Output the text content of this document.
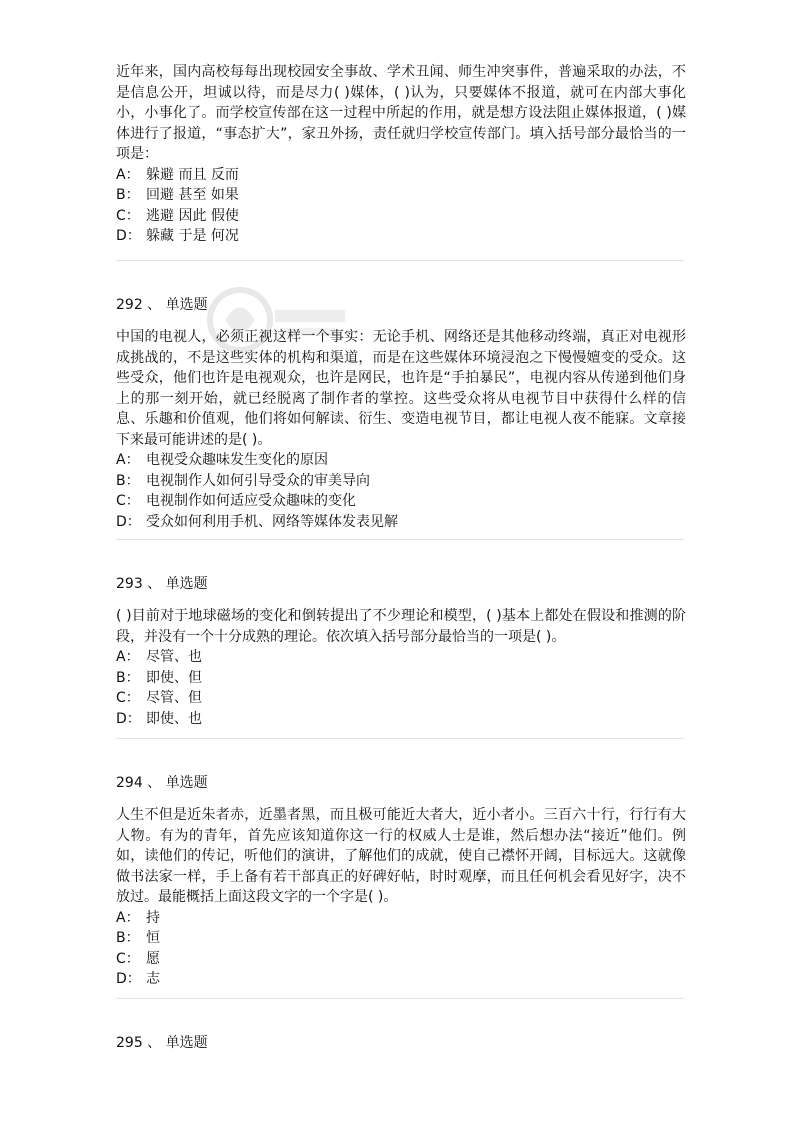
近年来，国内高校每每出现校园安全事故、学术丑闻、师生冲突事件，普遍采取的办法，不是信息公开，坦诚以待，而是尽力( )媒体，( )认为，只要媒体不报道，就可在内部大事化小，小事化了。而学校宣传部在这一过程中所起的作用，就是想方设法阻止媒体报道，( )媒体进行了报道，“事态扩大”，家丑外扬，责任就归学校宣传部门。填入括号部分最恰当的一项是：

A： 躲避 而且 反而

B： 回避 甚至 如果

C： 逃避 因此 假使

D： 躲藏 于是 何况

292 、 单选题

中国的电视人，必须正视这样一个事实：无论手机、网络还是其他移动终端，真正对电视形成挑战的，不是这些实体的机构和渠道，而是在这些媒体环境浸泡之下慢慢嬗变的受众。这些受众，他们也许是电视观众，也许是网民，也许是“手拍暴民”，电视内容从传递到他们身上的那一刻开始，就已经脱离了制作者的掌控。这些受众将从电视节目中获得什么样的信息、乐趣和价值观，他们将如何解读、衍生、变造电视节目，都让电视人夜不能寐。文章接下来最可能讲述的是( )。

A： 电视受众趣味发生变化的原因

B： 电视制作人如何引导受众的审美导向

C： 电视制作如何适应受众趣味的变化

D： 受众如何利用手机、网络等媒体发表见解

293 、 单选题

( )目前对于地球磁场的变化和倒转提出了不少理论和模型，( )基本上都处在假设和推测的阶段，并没有一个十分成熟的理论。依次填入括号部分最恰当的一项是( )。

A： 尽管、也

B： 即使、但

C： 尽管、但

D： 即使、也

294 、 单选题

人生不但是近朱者赤，近墨者黑，而且极可能近大者大，近小者小。三百六十行，行行有大人物。有为的青年，首先应该知道你这一行的权威人士是谁，然后想办法“接近”他们。例如，读他们的传记，听他们的演讲，了解他们的成就，使自己襟怀开阔，目标远大。这就像做书法家一样，手上备有若干部真正的好碑好帖，时时观摩，而且任何机会看见好字，决不放过。最能概括上面这段文字的一个字是( )。

A： 持

B： 恒

C： 愿

D： 志

295 、 单选题
